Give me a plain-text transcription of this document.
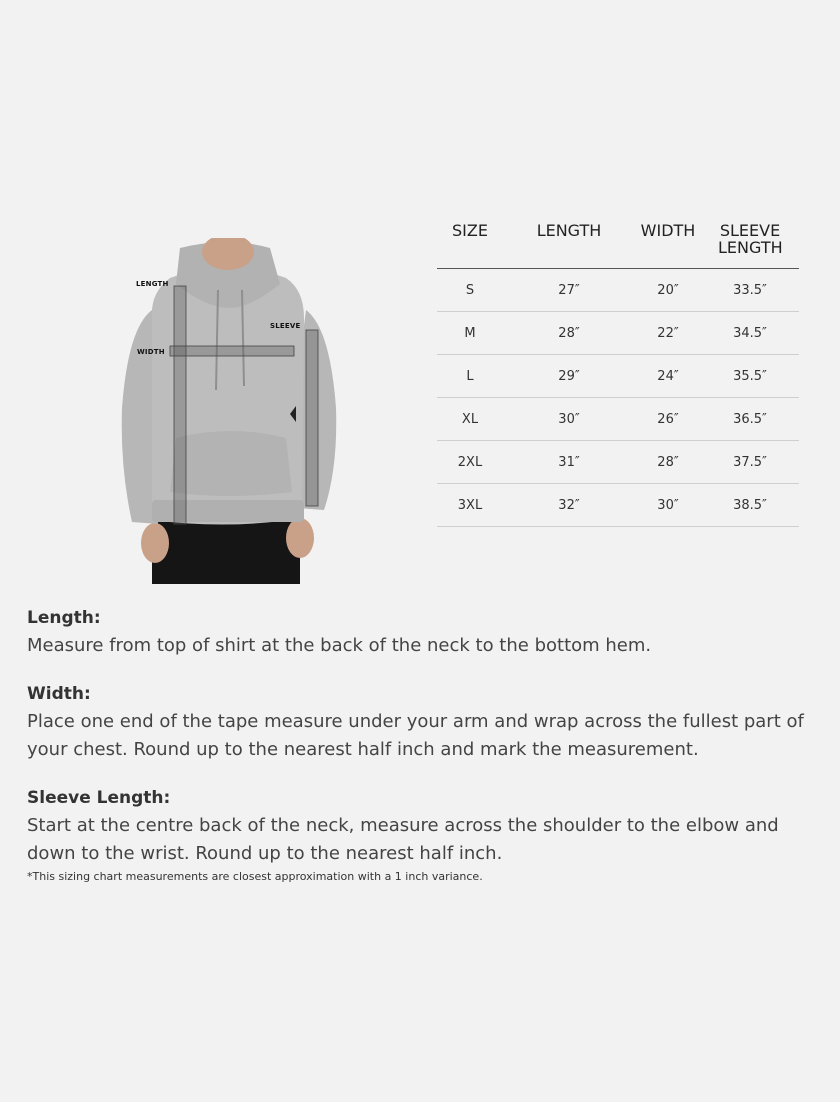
LENGTH
WIDTH
SLEEVE
SIZE	LENGTH	WIDTH	SLEEVE LENGTH
S	27″	20″	33.5″
M	28″	22″	34.5″
L	29″	24″	35.5″
XL	30″	26″	36.5″
2XL	31″	28″	37.5″
3XL	32″	30″	38.5″
Length:

Measure from top of shirt at the back of the neck to the bottom hem.

Width:

Place one end of the tape measure under your arm and wrap across the fullest part of your chest. Round up to the nearest half inch and mark the measurement.

Sleeve Length:

Start at the centre back of the neck, measure across the shoulder to the elbow and down to the wrist. Round up to the nearest half inch.

*This sizing chart measurements are closest approximation with a 1 inch variance.
